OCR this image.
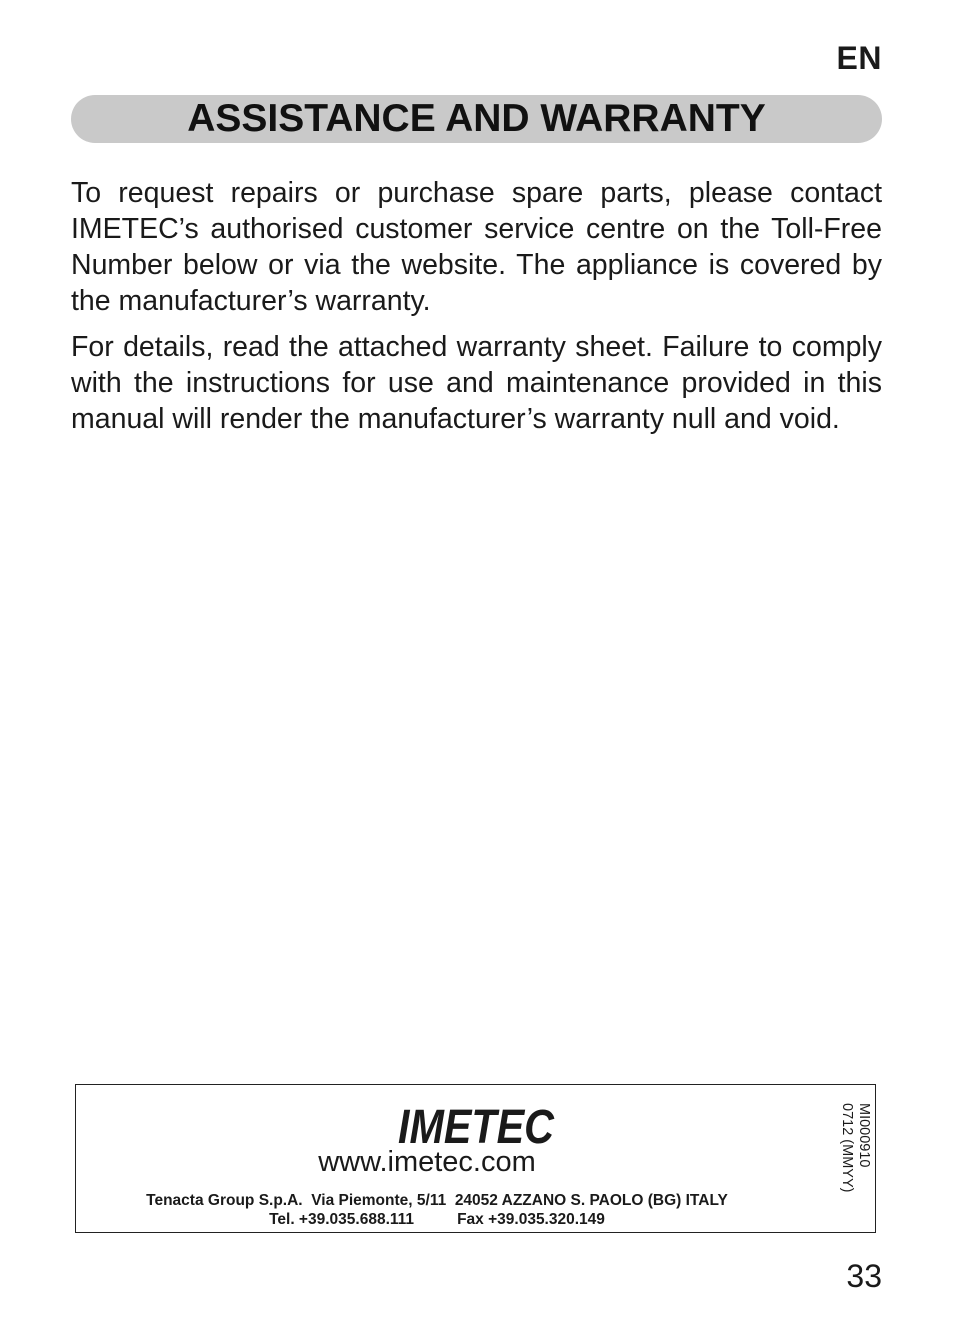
EN
ASSISTANCE AND WARRANTY

To request repairs or purchase spare parts, please contact IMETEC’s authorised customer service centre on the Toll-Free Number below or via the website. The appliance is covered by the manufacturer’s warranty.

For details, read the attached warranty sheet. Failure to comply with the instructions for use and maintenance provided in this manual will render the manufacturer’s warranty null and void.

IMETEC
www.imetec.com
Tenacta Group S.p.A.  Via Piemonte, 5/11  24052 AZZANO S. PAOLO (BG) ITALY
Tel. +39.035.688.111          Fax +39.035.320.149
MI000910
0712 (MMYY)
33
